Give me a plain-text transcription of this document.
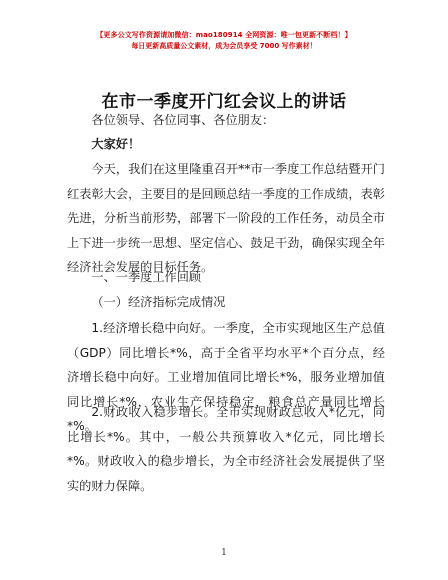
【更多公文写作资源请加微信：mao180914 全网资源：唯一包更新不断档！】
每日更新高质量公文素材，成为会员享受 7000 写作素材！
在市一季度开门红会议上的讲话
各位领导、各位同事、各位朋友：
大家好！
今天，我们在这里隆重召开**市一季度工作总结暨开门红表彰大会，主要目的是回顾总结一季度的工作成绩，表彰先进，分析当前形势，部署下一阶段的工作任务，动员全市上下进一步统一思想、坚定信心、鼓足干劲，确保实现全年经济社会发展的目标任务。
一、一季度工作回顾
（一）经济指标完成情况
1.经济增长稳中向好。一季度，全市实现地区生产总值（GDP）同比增长*%，高于全省平均水平*个百分点，经济增长稳中向好。工业增加值同比增长*%，服务业增加值同比增长*%，农业生产保持稳定，粮食总产量同比增长*%。
2.财政收入稳步增长。全市实现财政总收入*亿元，同比增长*%。其中，一般公共预算收入*亿元，同比增长*%。财政收入的稳步增长，为全市经济社会发展提供了坚实的财力保障。
1
